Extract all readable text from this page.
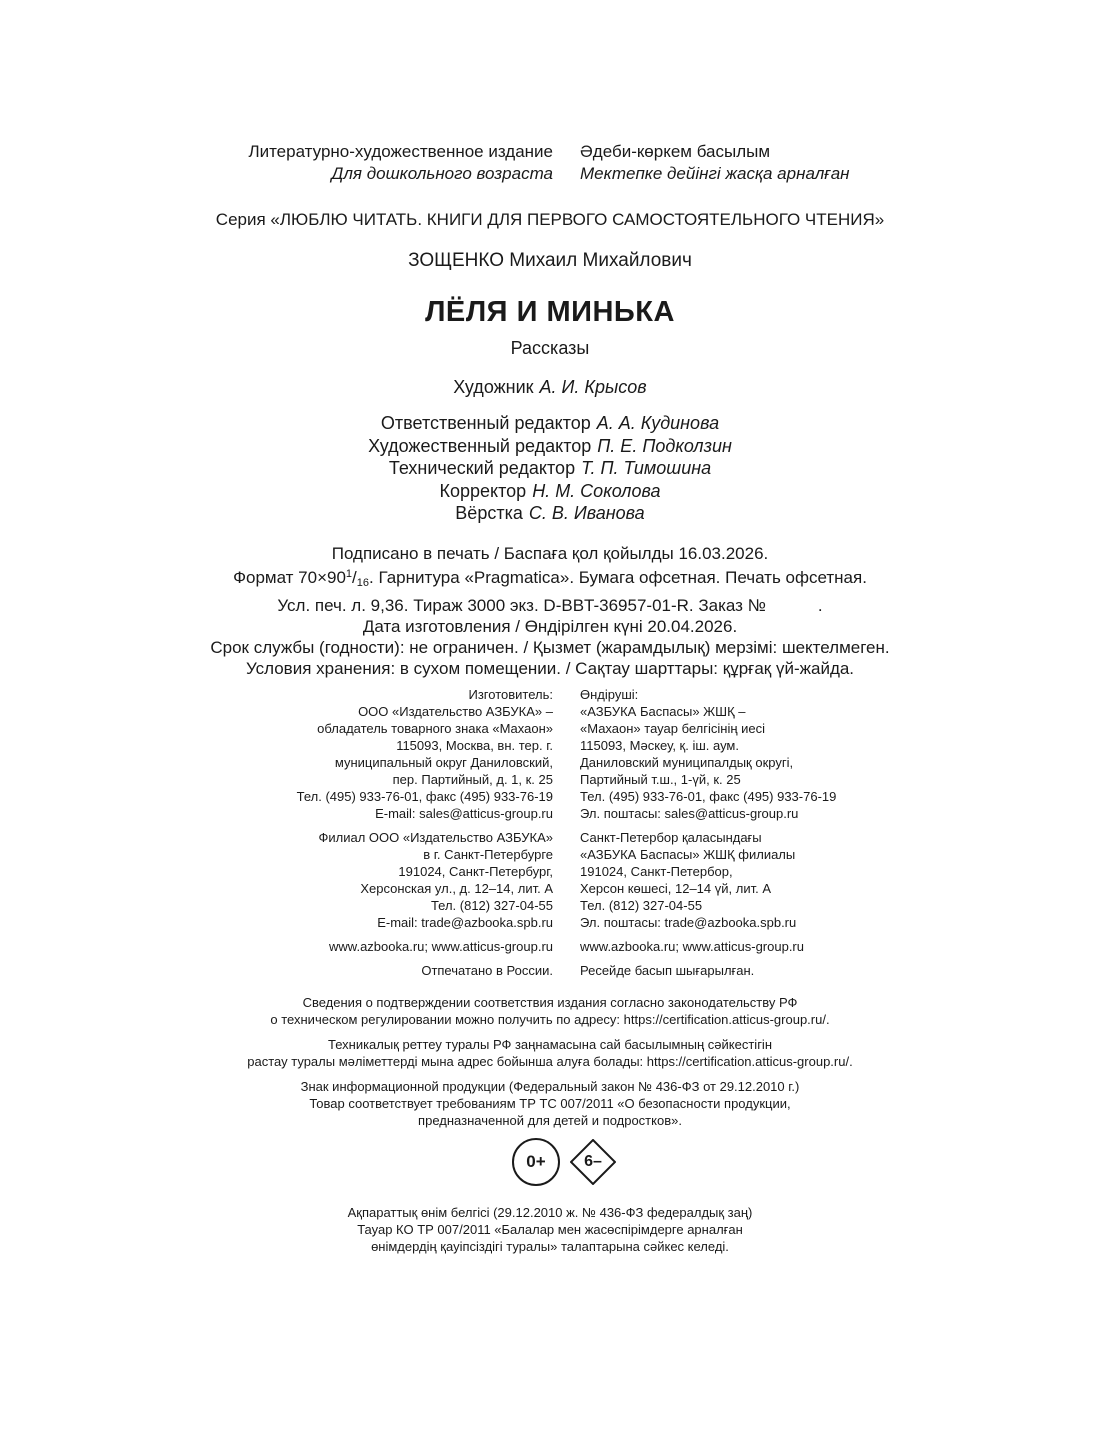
Литературно-художественное издание
Для дошкольного возраста
Әдеби-көркем басылым
Мектепке дейінгі жасқа арналған
Серия «ЛЮБЛЮ ЧИТАТЬ. КНИГИ ДЛЯ ПЕРВОГО САМОСТОЯТЕЛЬНОГО ЧТЕНИЯ»
ЗОЩЕНКО Михаил Михайлович
ЛЁЛЯ И МИНЬКА
Рассказы
Художник А. И. Крысов
Ответственный редактор А. А. Кудинова
Художественный редактор П. Е. Подколзин
Технический редактор Т. П. Тимошина
Корректор Н. М. Соколова
Вёрстка С. В. Иванова
Подписано в печать / Баспаға қол қойылды 16.03.2026.
Формат $70\times 90^1/_{16}$. Гарнитура «Pragmatica». Бумага офсетная. Печать офсетная.
Усл. печ. л. 9,36. Тираж 3000 экз. D-BBT-36957-01-R. Заказ №           .
Дата изготовления / Өндірілген күні 20.04.2026.
Срок службы (годности): не ограничен. / Қызмет (жарамдылық) мерзімі: шектелмеген.
Условия хранения: в сухом помещении. / Сақтау шарттары: құрғақ үй-жайда.
Изготовитель:
ООО «Издательство АЗБУКА» –
обладатель товарного знака «Махаон»
115093, Москва, вн. тер. г.
муниципальный округ Даниловский,
пер. Партийный, д. 1, к. 25
Тел. (495) 933-76-01, факс (495) 933-76-19
E-mail: sales@atticus-group.ru
Өндіруші:
«АЗБУКА Баспасы» ЖШҚ –
«Махаон» тауар белгісінің иесі
115093, Мәскеу, қ. іш. аум.
Даниловский муниципалдық округі,
Партийный т.ш., 1-үй, к. 25
Тел. (495) 933-76-01, факс (495) 933-76-19
Эл. поштасы: sales@atticus-group.ru
Филиал ООО «Издательство АЗБУКА»
в г. Санкт-Петербурге
191024, Санкт-Петербург,
Херсонская ул., д. 12–14, лит. А
Тел. (812) 327-04-55
E-mail: trade@azbooka.spb.ru
Санкт-Петербор қаласындағы
«АЗБУКА Баспасы» ЖШҚ филиалы
191024, Санкт-Петербор,
Херсон көшесі, 12–14 үй, лит. А
Тел. (812) 327-04-55
Эл. поштасы: trade@azbooka.spb.ru
www.azbooka.ru; www.atticus-group.ru www.azbooka.ru; www.atticus-group.ru
Отпечатано в России. Ресейде басып шығарылған.
Сведения о подтверждении соответствия издания согласно законодательству РФ
о техническом регулировании можно получить по адресу: https://certification.atticus-group.ru/.
Техникалық реттеу туралы РФ заңнамасына сай басылымның сәйкестігін
растау туралы мәліметтерді мына адрес бойынша алуға болады: https://certification.atticus-group.ru/.
Знак информационной продукции (Федеральный закон № 436-ФЗ от 29.12.2010 г.)
Товар соответствует требованиям ТР ТС 007/2011 «О безопасности продукции,
предназначенной для детей и подростков».
0+	6–
Ақпараттық өнім белгісі (29.12.2010 ж. № 436-ФЗ федералдық заң)
Тауар КО ТР 007/2011 «Балалар мен жасөспірімдерге арналған
өнімдердің қауіпсіздігі туралы» талаптарына сәйкес келеді.
